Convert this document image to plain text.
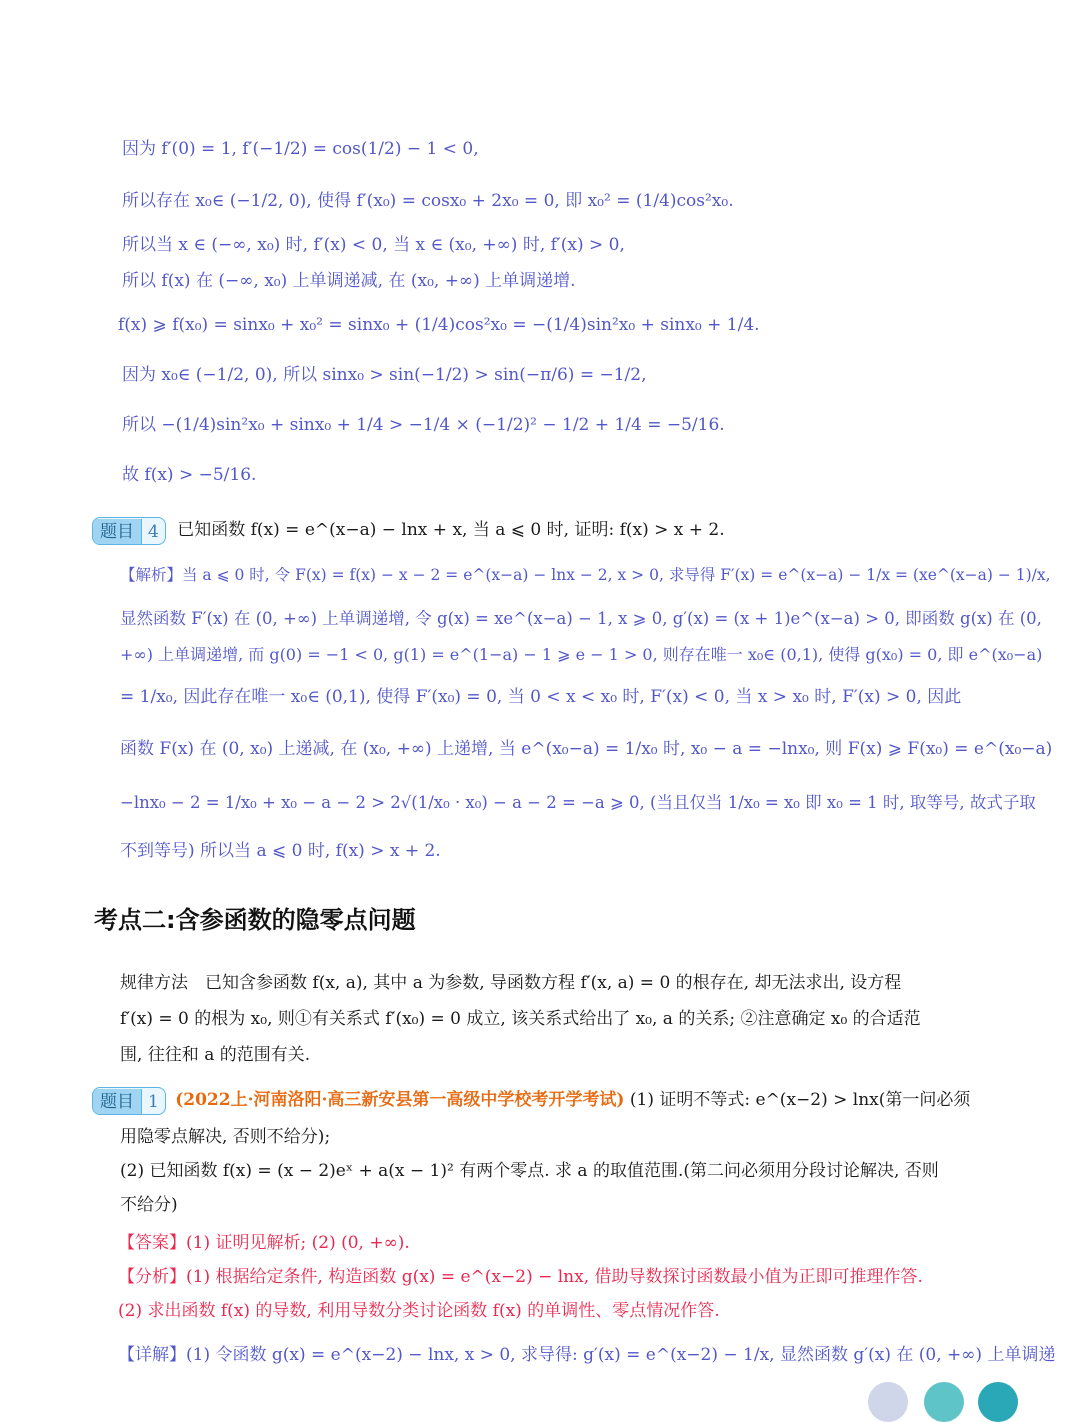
因为 f′(0) = 1, f′(−1/2) = cos(1/2) − 1 < 0,
所以存在 x₀∈ (−1/2, 0), 使得 f′(x₀) = cosx₀ + 2x₀ = 0, 即 x₀² = (1/4)cos²x₀.
所以当 x ∈ (−∞, x₀) 时, f′(x) < 0, 当 x ∈ (x₀, +∞) 时, f′(x) > 0,
所以 f(x) 在 (−∞, x₀) 上单调递减, 在 (x₀, +∞) 上单调递增.
f(x) ⩾ f(x₀) = sinx₀ + x₀² = sinx₀ + (1/4)cos²x₀ = −(1/4)sin²x₀ + sinx₀ + 1/4.
因为 x₀∈ (−1/2, 0), 所以 sinx₀ > sin(−1/2) > sin(−π/6) = −1/2,
所以 −(1/4)sin²x₀ + sinx₀ + 1/4 > −1/4 × (−1/2)² − 1/2 + 1/4 = −5/16.
故 f(x) > −5/16.
题目 4 已知函数 f(x) = e^(x−a) − lnx + x, 当 a ⩽ 0 时, 证明: f(x) > x + 2.
【解析】当 a ⩽ 0 时, 令 F(x) = f(x) − x − 2 = e^(x−a) − lnx − 2, x > 0, 求导得 F′(x) = e^(x−a) − 1/x = (xe^(x−a) − 1)/x,
显然函数 F′(x) 在 (0, +∞) 上单调递增, 令 g(x) = xe^(x−a) − 1, x ⩾ 0, g′(x) = (x + 1)e^(x−a) > 0, 即函数 g(x) 在 (0,
+∞) 上单调递增, 而 g(0) = −1 < 0, g(1) = e^(1−a) − 1 ⩾ e − 1 > 0, 则存在唯一 x₀∈ (0,1), 使得 g(x₀) = 0, 即 e^(x₀−a)
= 1/x₀, 因此存在唯一 x₀∈ (0,1), 使得 F′(x₀) = 0, 当 0 < x < x₀ 时, F′(x) < 0, 当 x > x₀ 时, F′(x) > 0, 因此
函数 F(x) 在 (0, x₀) 上递减, 在 (x₀, +∞) 上递增, 当 e^(x₀−a) = 1/x₀ 时, x₀ − a = −lnx₀, 则 F(x) ⩾ F(x₀) = e^(x₀−a)
−lnx₀ − 2 = 1/x₀ + x₀ − a − 2 > 2√(1/x₀ · x₀) − a − 2 = −a ⩾ 0, (当且仅当 1/x₀ = x₀ 即 x₀ = 1 时, 取等号, 故式子取
不到等号) 所以当 a ⩽ 0 时, f(x) > x + 2.
考点二:含参函数的隐零点问题
规律方法　已知含参函数 f(x, a), 其中 a 为参数, 导函数方程 f′(x, a) = 0 的根存在, 却无法求出, 设方程
f′(x) = 0 的根为 x₀, 则①有关系式 f′(x₀) = 0 成立, 该关系式给出了 x₀, a 的关系; ②注意确定 x₀ 的合适范
围, 往往和 a 的范围有关.
题目 1 (2022上·河南洛阳·高三新安县第一高级中学校考开学考试) (1) 证明不等式: e^(x−2) > lnx(第一问必须
用隐零点解决, 否则不给分);
(2) 已知函数 f(x) = (x − 2)eˣ + a(x − 1)² 有两个零点. 求 a 的取值范围.(第二问必须用分段讨论解决, 否则
不给分)
【答案】(1) 证明见解析; (2) (0, +∞).
【分析】(1) 根据给定条件, 构造函数 g(x) = e^(x−2) − lnx, 借助导数探讨函数最小值为正即可推理作答.
(2) 求出函数 f(x) 的导数, 利用导数分类讨论函数 f(x) 的单调性、零点情况作答.
【详解】(1) 令函数 g(x) = e^(x−2) − lnx, x > 0, 求导得: g′(x) = e^(x−2) − 1/x, 显然函数 g′(x) 在 (0, +∞) 上单调递
